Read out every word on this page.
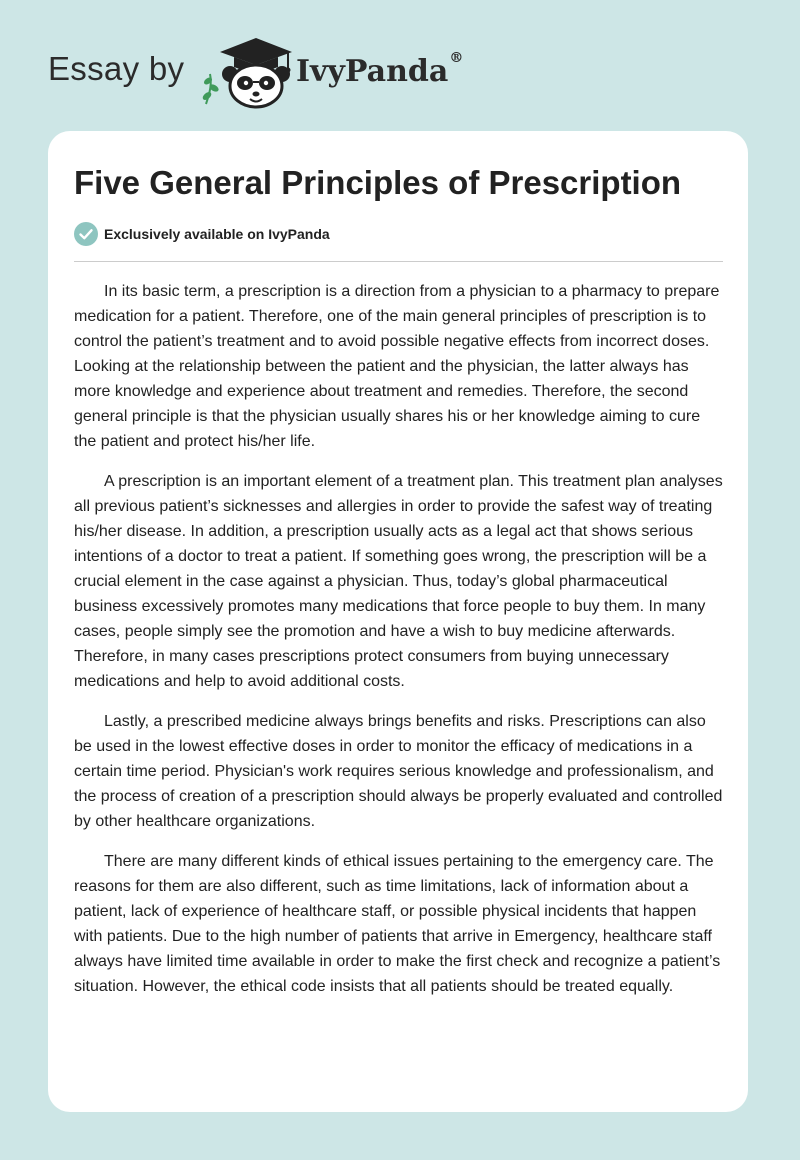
Essay by	IvyPanda®
Five General Principles of Prescription
Exclusively available on IvyPanda

In its basic term, a prescription is a direction from a physician to a pharmacy to prepare medication for a patient. Therefore, one of the main general principles of prescription is to control the patient’s treatment and to avoid possible negative effects from incorrect doses. Looking at the relationship between the patient and the physician, the latter always has more knowledge and experience about treatment and remedies. Therefore, the second general principle is that the physician usually shares his or her knowledge aiming to cure the patient and protect his/her life.

A prescription is an important element of a treatment plan. This treatment plan analyses all previous patient’s sicknesses and allergies in order to provide the safest way of treating his/her disease. In addition, a prescription usually acts as a legal act that shows serious intentions of a doctor to treat a patient. If something goes wrong, the prescription will be a crucial element in the case against a physician. Thus, today’s global pharmaceutical business excessively promotes many medications that force people to buy them. In many cases, people simply see the promotion and have a wish to buy medicine afterwards. Therefore, in many cases prescriptions protect consumers from buying unnecessary medications and help to avoid additional costs.

Lastly, a prescribed medicine always brings benefits and risks. Prescriptions can also be used in the lowest effective doses in order to monitor the efficacy of medications in a certain time period. Physician's work requires serious knowledge and professionalism, and the process of creation of a prescription should always be properly evaluated and controlled by other healthcare organizations.

There are many different kinds of ethical issues pertaining to the emergency care. The reasons for them are also different, such as time limitations, lack of information about a patient, lack of experience of healthcare staff, or possible physical incidents that happen with patients. Due to the high number of patients that arrive in Emergency, healthcare staff always have limited time available in order to make the first check and recognize a patient’s situation. However, the ethical code insists that all patients should be treated equally.
